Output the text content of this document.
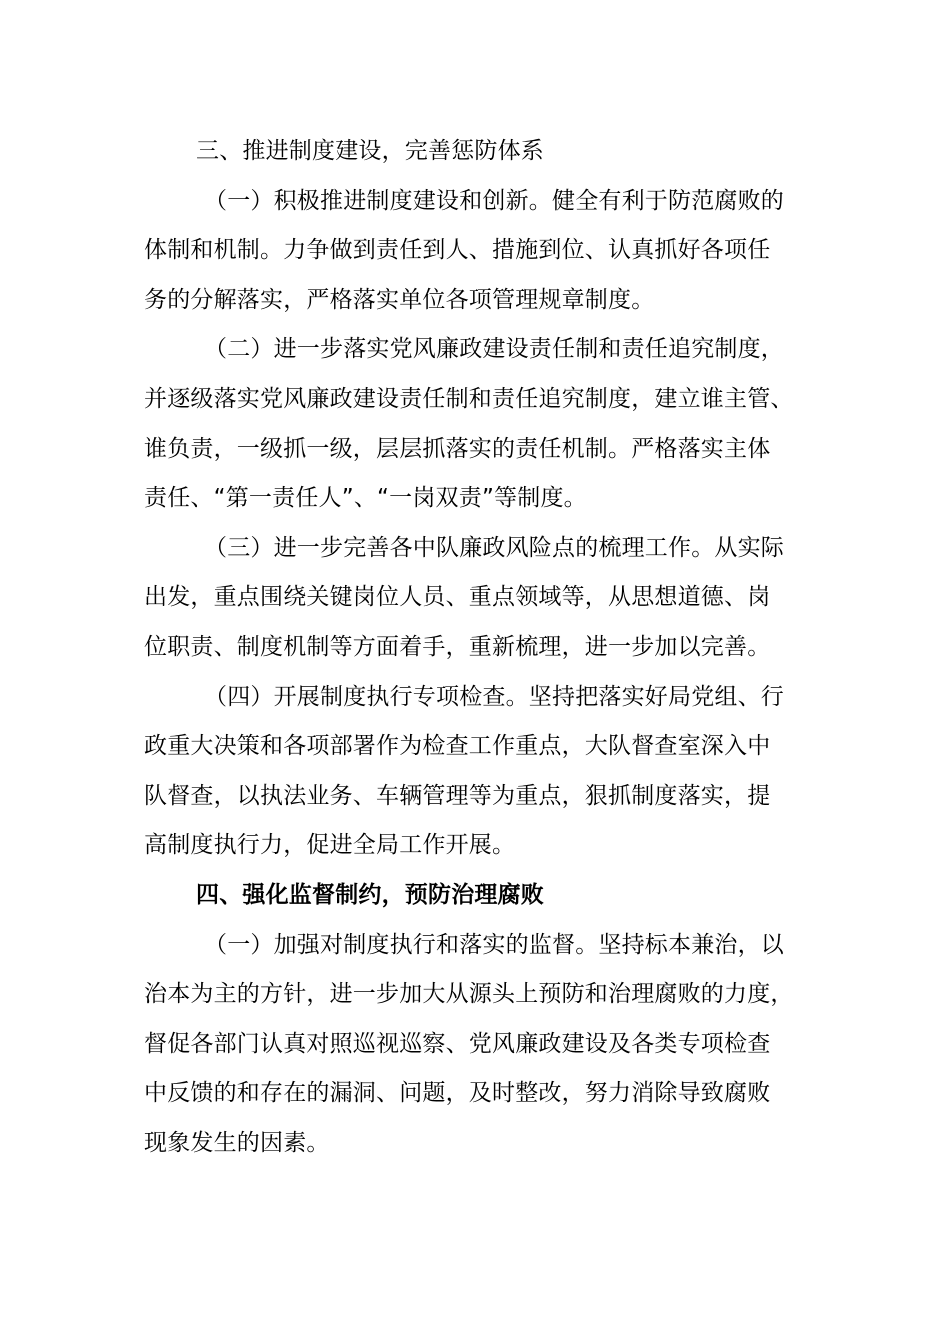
三、推进制度建设，完善惩防体系
（一）积极推进制度建设和创新。健全有利于防范腐败的
体制和机制。力争做到责任到人、措施到位、认真抓好各项任
务的分解落实，严格落实单位各项管理规章制度。
（二）进一步落实党风廉政建设责任制和责任追究制度，
并逐级落实党风廉政建设责任制和责任追究制度，建立谁主管、
谁负责，一级抓一级，层层抓落实的责任机制。严格落实主体
责任、“第一责任人”、“一岗双责”等制度。
（三）进一步完善各中队廉政风险点的梳理工作。从实际
出发，重点围绕关键岗位人员、重点领域等，从思想道德、岗
位职责、制度机制等方面着手，重新梳理，进一步加以完善。
（四）开展制度执行专项检查。坚持把落实好局党组、行
政重大决策和各项部署作为检查工作重点，大队督查室深入中
队督查，以执法业务、车辆管理等为重点，狠抓制度落实，提
高制度执行力，促进全局工作开展。
四、强化监督制约，预防治理腐败
（一）加强对制度执行和落实的监督。坚持标本兼治，以
治本为主的方针，进一步加大从源头上预防和治理腐败的力度，
督促各部门认真对照巡视巡察、党风廉政建设及各类专项检查
中反馈的和存在的漏洞、问题，及时整改，努力消除导致腐败
现象发生的因素。
